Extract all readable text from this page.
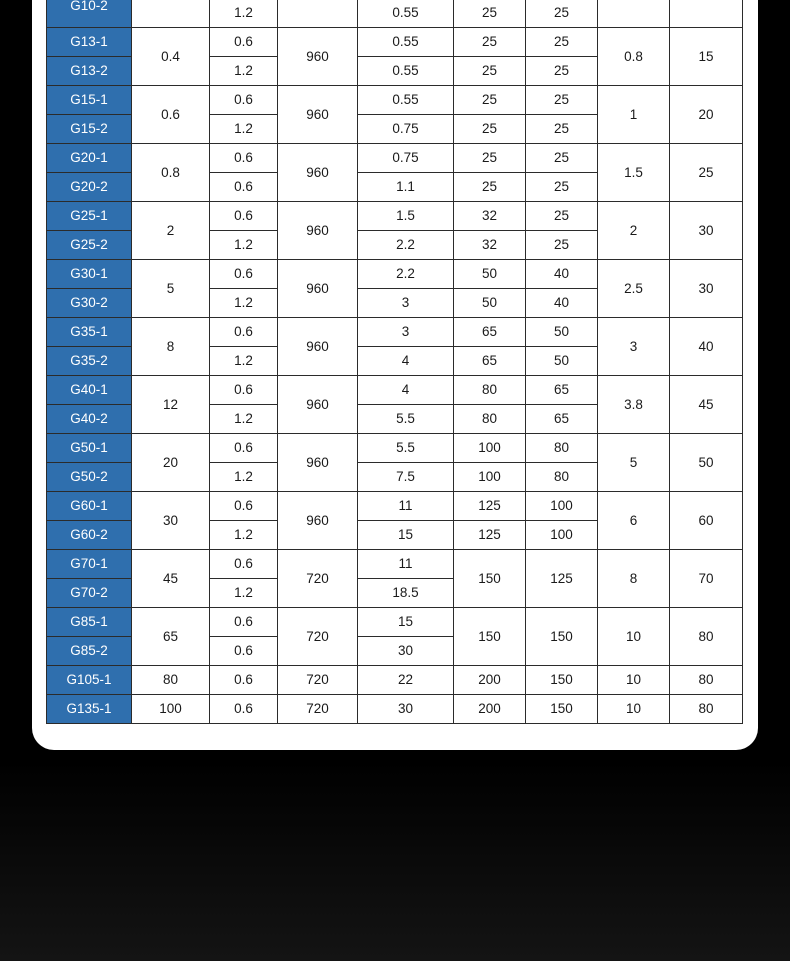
G10-2		1.2		0.55	25	25		
G13-1	0.4	0.6	960	0.55	25	25	0.8	15
G13-2		1.2		0.55	25	25		
G15-1	0.6	0.6	960	0.55	25	25	1	20
G15-2		1.2		0.75	25	25		
G20-1	0.8	0.6	960	0.75	25	25	1.5	25
G20-2		0.6		1.1	25	25		
G25-1	2	0.6	960	1.5	32	25	2	30
G25-2		1.2		2.2	32	25		
G30-1	5	0.6	960	2.2	50	40	2.5	30
G30-2		1.2		3	50	40		
G35-1	8	0.6	960	3	65	50	3	40
G35-2		1.2		4	65	50		
G40-1	12	0.6	960	4	80	65	3.8	45
G40-2		1.2		5.5	80	65		
G50-1	20	0.6	960	5.5	100	80	5	50
G50-2		1.2		7.5	100	80		
G60-1	30	0.6	960	11	125	100	6	60
G60-2		1.2		15	125	100		
G70-1	45	0.6	720	11	150	125	8	70
G70-2		1.2		18.5				
G85-1	65	0.6	720	15	150	150	10	80
G85-2		0.6		30				
G105-1	80	0.6	720	22	200	150	10	80
G135-1	100	0.6	720	30	200	150	10	80
